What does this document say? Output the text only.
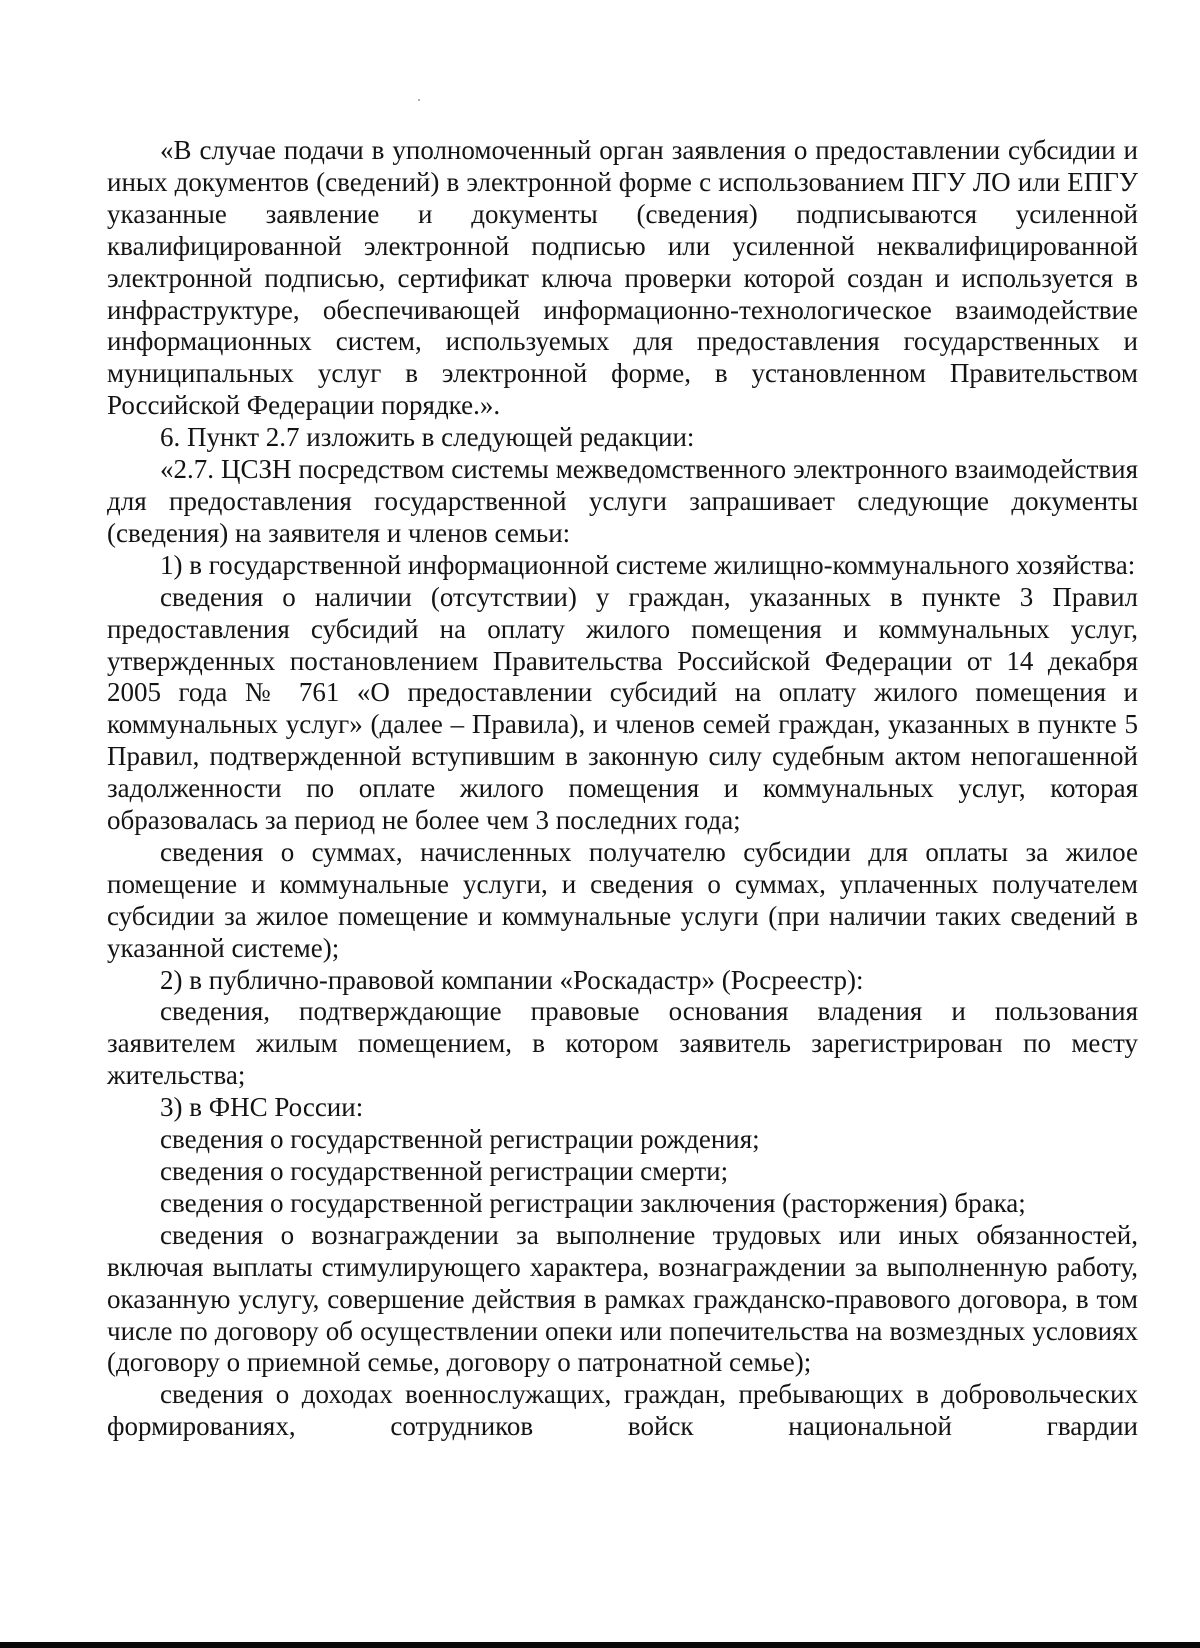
«В случае подачи в уполномоченный орган заявления о предоставлении субсидии и иных документов (сведений) в электронной форме с использованием ПГУ ЛО или ЕПГУ указанные заявление и документы (сведения) подписываются усиленной квалифицированной электронной подписью или усиленной неквалифицированной электронной подписью, сертификат ключа проверки которой создан и используется в инфраструктуре, обеспечивающей информационно-технологическое взаимодействие информационных систем, используемых для предоставления государственных и муниципальных услуг в электронной форме, в установленном Правительством Российской Федерации порядке.».

6. Пункт 2.7 изложить в следующей редакции:

«2.7. ЦСЗН посредством системы межведомственного электронного взаимодействия для предоставления государственной услуги запрашивает следующие документы (сведения) на заявителя и членов семьи:

1) в государственной информационной системе жилищно-коммунального хозяйства:

сведения о наличии (отсутствии) у граждан, указанных в пункте 3 Правил предоставления субсидий на оплату жилого помещения и коммунальных услуг, утвержденных постановлением Правительства Российской Федерации от 14 декабря 2005 года № 761 «О предоставлении субсидий на оплату жилого помещения и коммунальных услуг» (далее – Правила), и членов семей граждан, указанных в пункте 5 Правил, подтвержденной вступившим в законную силу судебным актом непогашенной задолженности по оплате жилого помещения и коммунальных услуг, которая образовалась за период не более чем 3 последних года;

сведения о суммах, начисленных получателю субсидии для оплаты за жилое помещение и коммунальные услуги, и сведения о суммах, уплаченных получателем субсидии за жилое помещение и коммунальные услуги (при наличии таких сведений в указанной системе);

2) в публично-правовой компании «Роскадастр» (Росреестр):

сведения, подтверждающие правовые основания владения и пользования заявителем жилым помещением, в котором заявитель зарегистрирован по месту жительства;

3) в ФНС России:

сведения о государственной регистрации рождения;

сведения о государственной регистрации смерти;

сведения о государственной регистрации заключения (расторжения) брака;

сведения о вознаграждении за выполнение трудовых или иных обязанностей, включая выплаты стимулирующего характера, вознаграждении за выполненную работу, оказанную услугу, совершение действия в рамках гражданско-правового договора, в том числе по договору об осуществлении опеки или попечительства на возмездных условиях (договору о приемной семье, договору о патронатной семье);

сведения о доходах военнослужащих, граждан, пребывающих в добровольческих формированиях, сотрудников войск национальной гвардии
